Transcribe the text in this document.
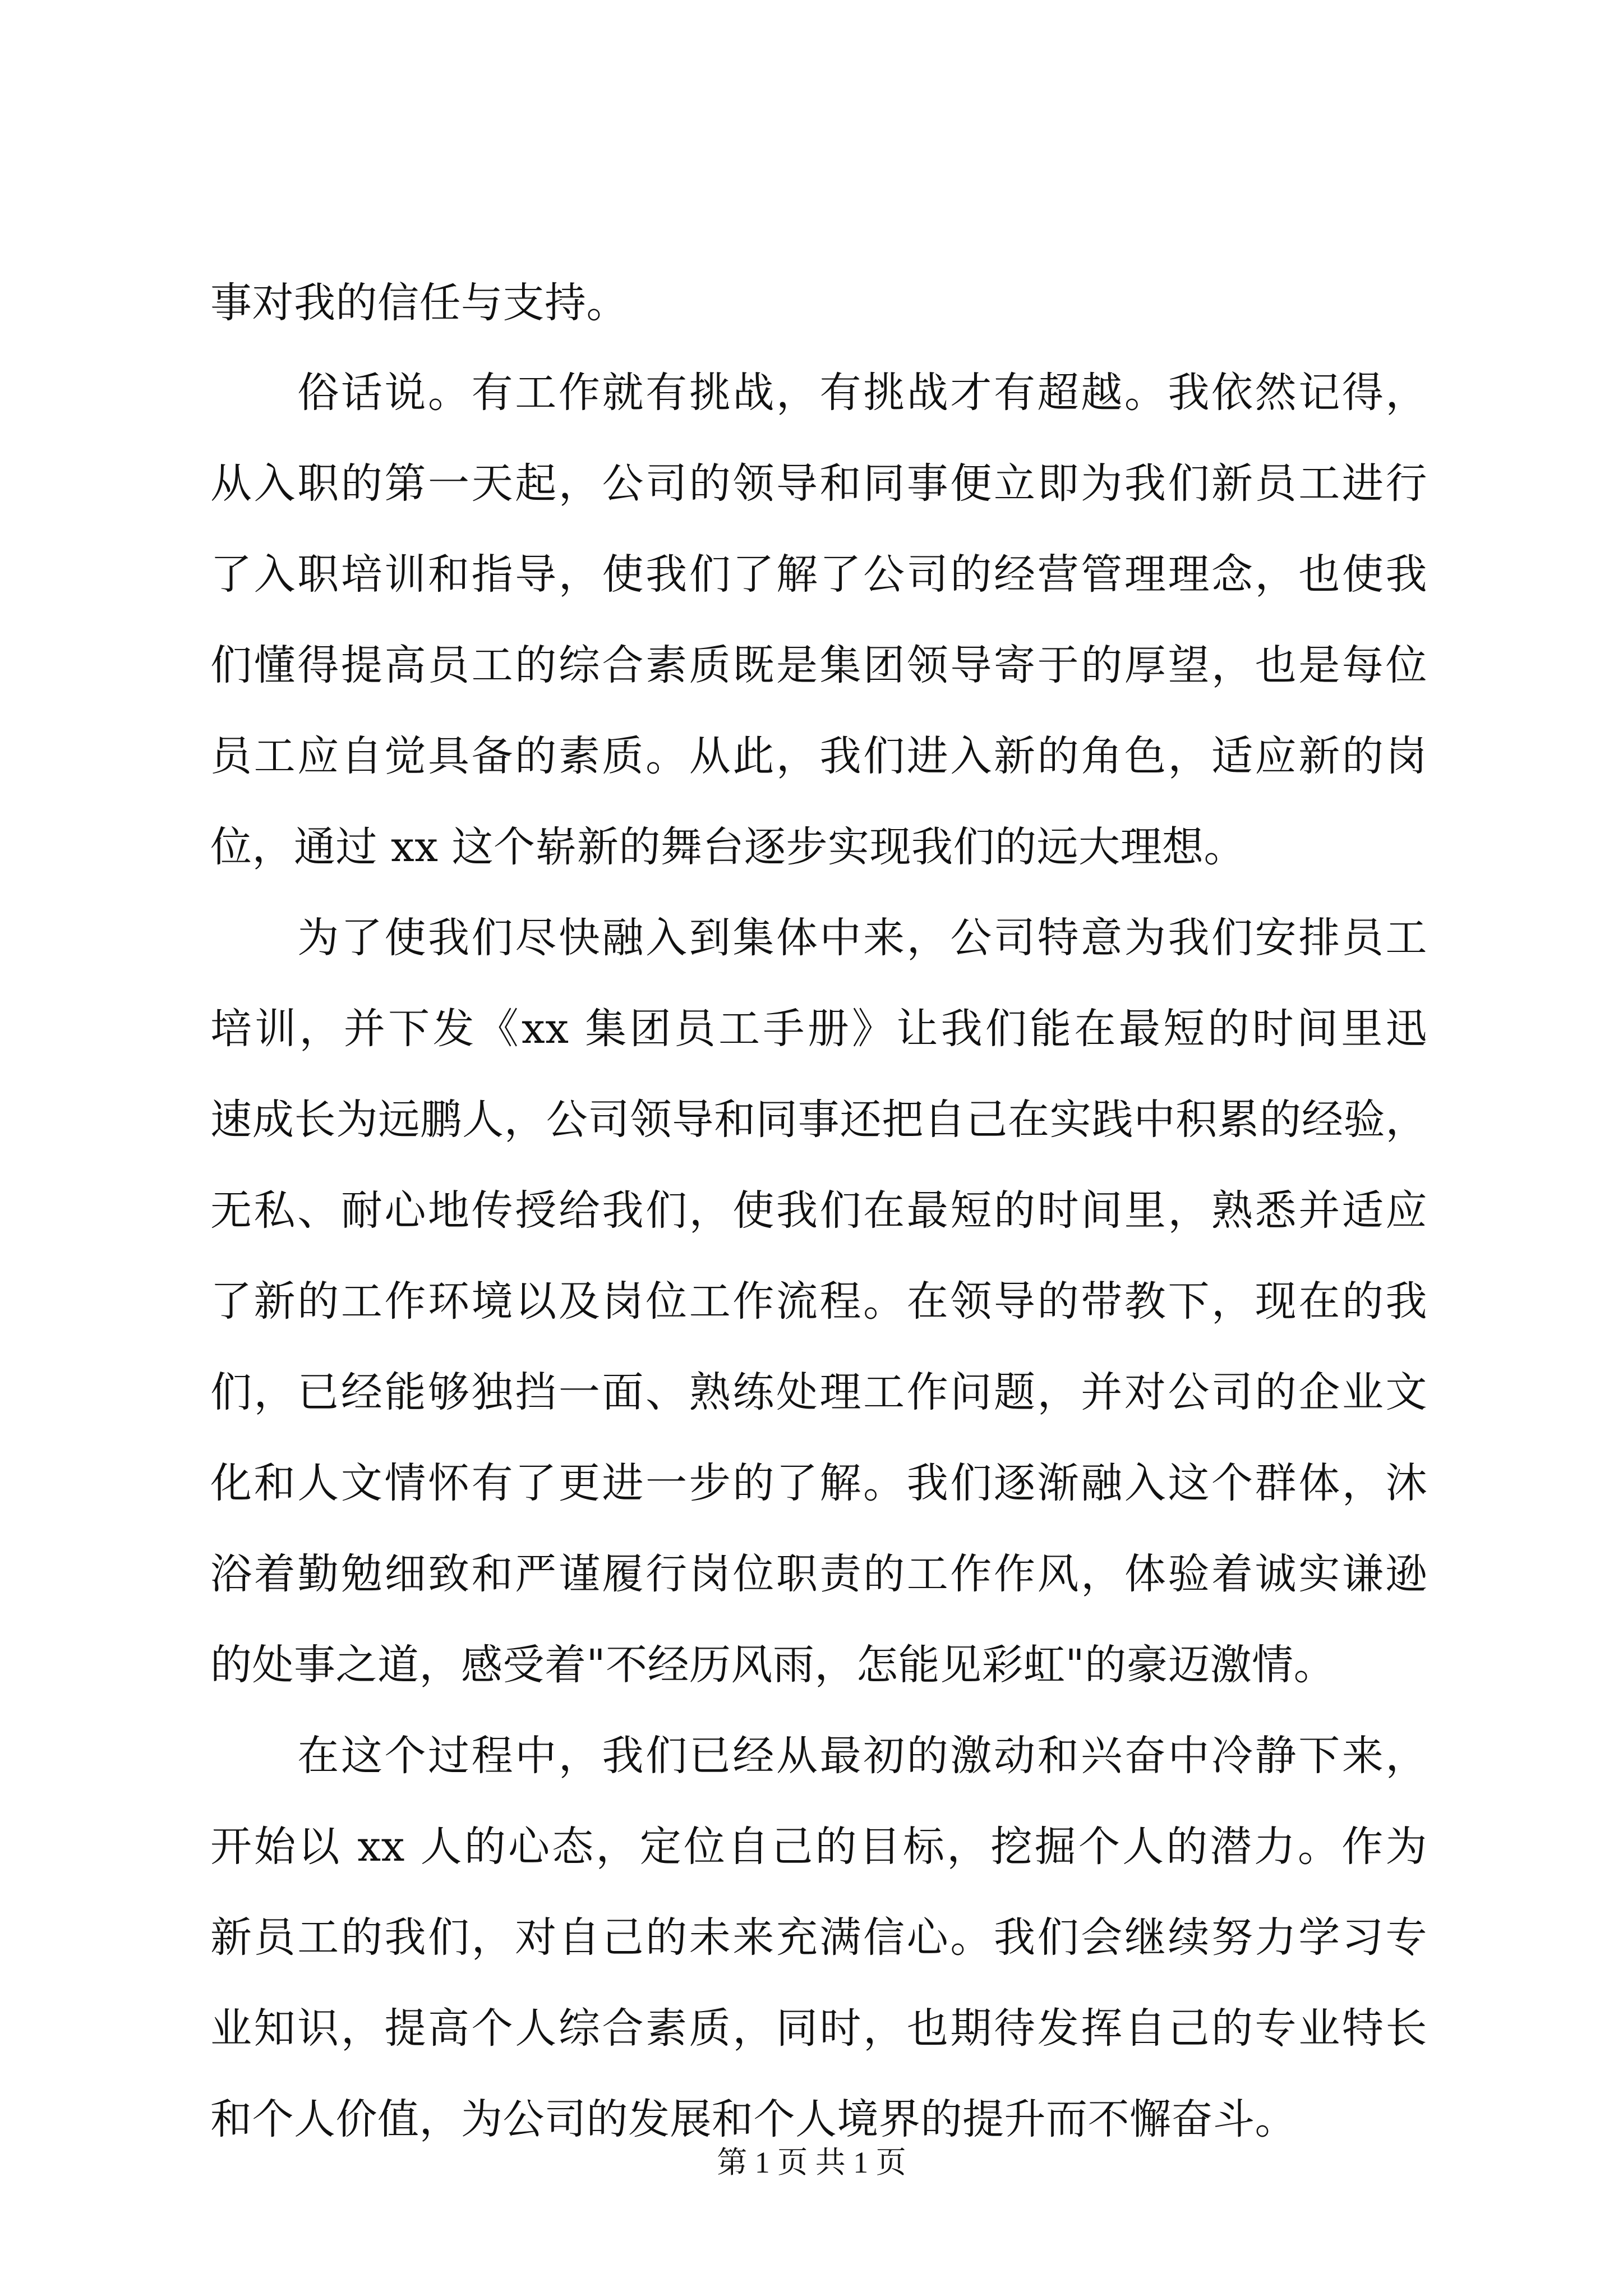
事对我的信任与支持。
　　俗话说。有工作就有挑战，有挑战才有超越。我依然记得，
从入职的第一天起，公司的领导和同事便立即为我们新员工进行
了入职培训和指导，使我们了解了公司的经营管理理念，也使我
们懂得提高员工的综合素质既是集团领导寄于的厚望，也是每位
员工应自觉具备的素质。从此，我们进入新的角色，适应新的岗
位，通过 xx 这个崭新的舞台逐步实现我们的远大理想。
　　为了使我们尽快融入到集体中来，公司特意为我们安排员工
培训，并下发《xx 集团员工手册》让我们能在最短的时间里迅
速成长为远鹏人，公司领导和同事还把自己在实践中积累的经验，
无私、耐心地传授给我们，使我们在最短的时间里，熟悉并适应
了新的工作环境以及岗位工作流程。在领导的带教下，现在的我
们，已经能够独挡一面、熟练处理工作问题，并对公司的企业文
化和人文情怀有了更进一步的了解。我们逐渐融入这个群体，沐
浴着勤勉细致和严谨履行岗位职责的工作作风，体验着诚实谦逊
的处事之道，感受着"不经历风雨，怎能见彩虹"的豪迈激情。
　　在这个过程中，我们已经从最初的激动和兴奋中冷静下来，
开始以 xx 人的心态，定位自己的目标，挖掘个人的潜力。作为
新员工的我们，对自己的未来充满信心。我们会继续努力学习专
业知识，提高个人综合素质，同时，也期待发挥自己的专业特长
和个人价值，为公司的发展和个人境界的提升而不懈奋斗。
第 1 页 共 1 页
